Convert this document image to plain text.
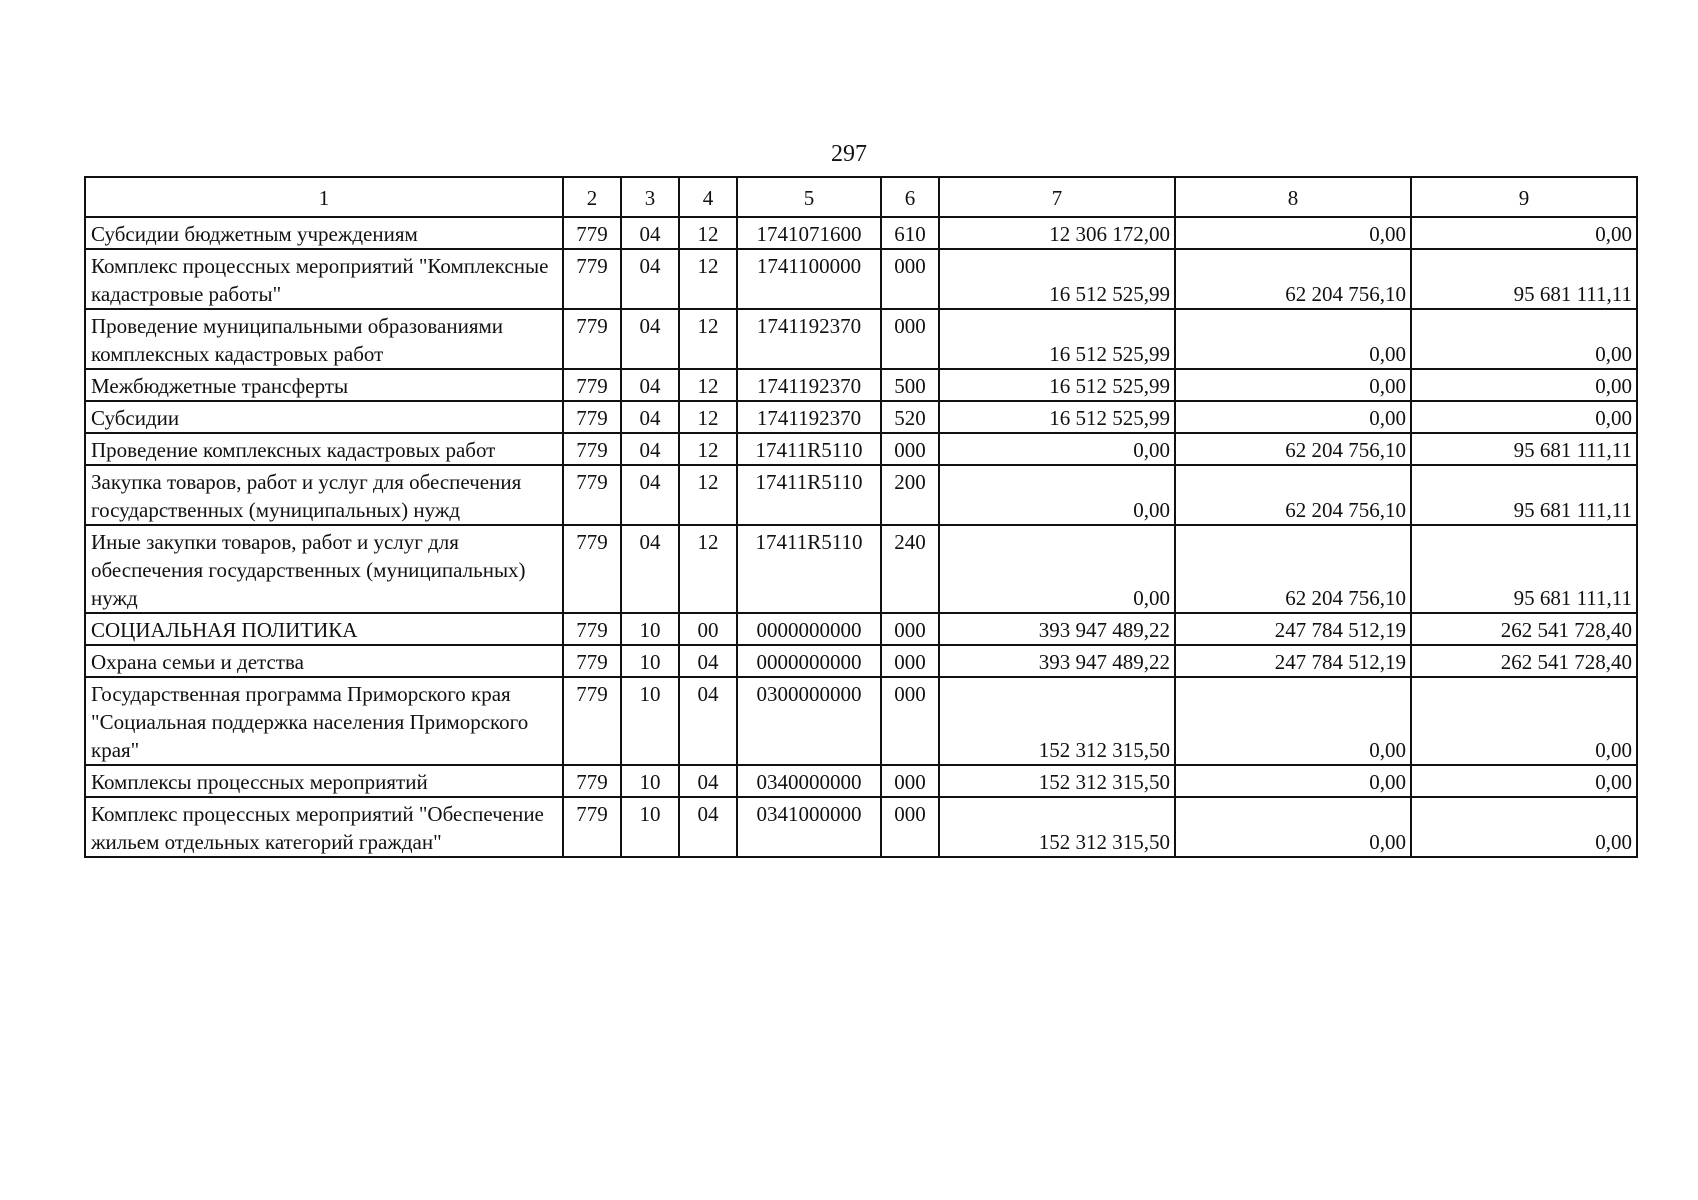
297
1	2	3	4	5	6	7	8	9
Субсидии бюджетным учреждениям	779	04	12	1741071600	610	12 306 172,00	0,00	0,00
Комплекс процессных мероприятий "Комплексные кадастровые работы"	779	04	12	1741100000	000	16 512 525,99	62 204 756,10	95 681 111,11
Проведение муниципальными образованиями комплексных кадастровых работ	779	04	12	1741192370	000	16 512 525,99	0,00	0,00
Межбюджетные трансферты	779	04	12	1741192370	500	16 512 525,99	0,00	0,00
Субсидии	779	04	12	1741192370	520	16 512 525,99	0,00	0,00
Проведение комплексных кадастровых работ	779	04	12	17411R5110	000	0,00	62 204 756,10	95 681 111,11
Закупка товаров, работ и услуг для обеспечения государственных (муниципальных) нужд	779	04	12	17411R5110	200	0,00	62 204 756,10	95 681 111,11
Иные закупки товаров, работ и услуг для обеспечения государственных (муниципальных) нужд	779	04	12	17411R5110	240	0,00	62 204 756,10	95 681 111,11
СОЦИАЛЬНАЯ ПОЛИТИКА	779	10	00	0000000000	000	393 947 489,22	247 784 512,19	262 541 728,40
Охрана семьи и детства	779	10	04	0000000000	000	393 947 489,22	247 784 512,19	262 541 728,40
Государственная программа Приморского края "Социальная поддержка населения Приморского края"	779	10	04	0300000000	000	152 312 315,50	0,00	0,00
Комплексы процессных мероприятий	779	10	04	0340000000	000	152 312 315,50	0,00	0,00
Комплекс процессных мероприятий "Обеспечение жильем отдельных категорий граждан"	779	10	04	0341000000	000	152 312 315,50	0,00	0,00
